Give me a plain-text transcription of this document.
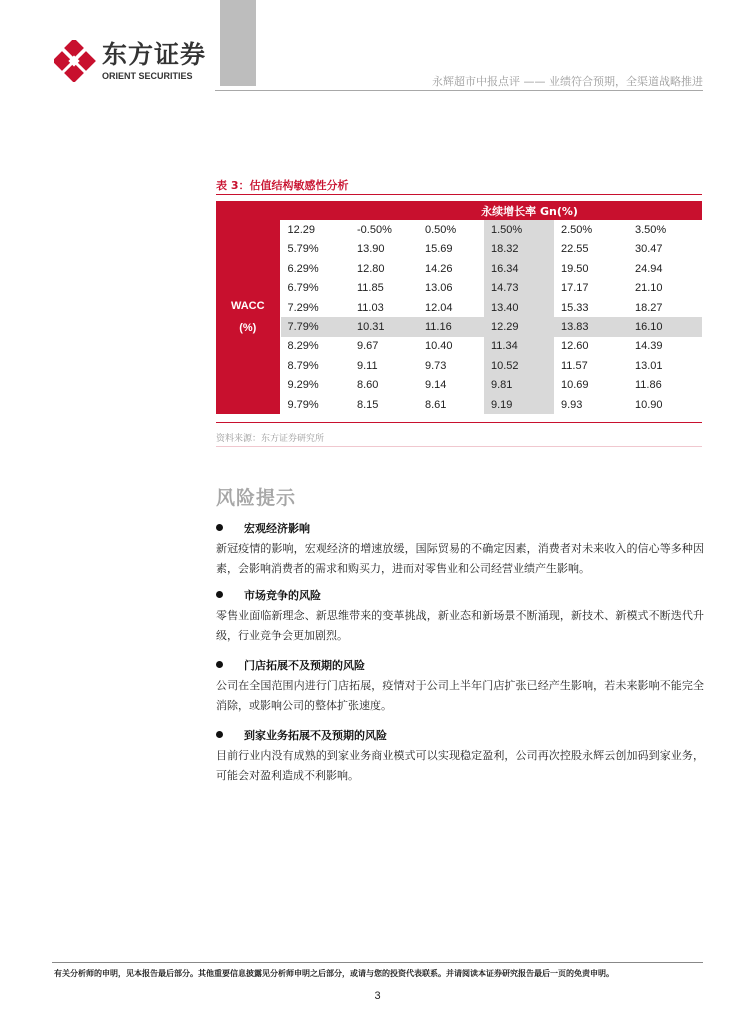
东方证券
ORIENT SECURITIES	永辉超市中报点评 —— 业绩符合预期，全渠道战略推进
表 3：估值结构敏感性分析
		永续增长率 Gn(%)				

WACC
(%)	12.29	-0.50%	0.50%	1.50%	2.50%	3.50%
	5.79%	13.90	15.69	18.32	22.55	30.47
	6.29%	12.80	14.26	16.34	19.50	24.94
	6.79%	11.85	13.06	14.73	17.17	21.10
	7.29%	11.03	12.04	13.40	15.33	18.27
	7.79%	10.31	11.16	12.29	13.83	16.10
	8.29%	9.67	10.40	11.34	12.60	14.39
	8.79%	9.11	9.73	10.52	11.57	13.01
	9.29%	8.60	9.14	9.81	10.69	11.86
	9.79%	8.15	8.61	9.19	9.93	10.90
资料来源：东方证券研究所
风险提示
宏观经济影响
新冠疫情的影响，宏观经济的增速放缓，国际贸易的不确定因素，消费者对未来收入的信心等多种因素，会影响消费者的需求和购买力，进而对零售业和公司经营业绩产生影响。
市场竞争的风险
零售业面临新理念、新思维带来的变革挑战，新业态和新场景不断涌现，新技术、新模式不断迭代升级，行业竞争会更加剧烈。
门店拓展不及预期的风险
公司在全国范围内进行门店拓展，疫情对于公司上半年门店扩张已经产生影响，若未来影响不能完全消除，或影响公司的整体扩张速度。
到家业务拓展不及预期的风险
目前行业内没有成熟的到家业务商业模式可以实现稳定盈利，公司再次控股永辉云创加码到家业务，可能会对盈利造成不利影响。
有关分析师的申明，见本报告最后部分。其他重要信息披露见分析师申明之后部分，或请与您的投资代表联系。并请阅读本证券研究报告最后一页的免责申明。
3
